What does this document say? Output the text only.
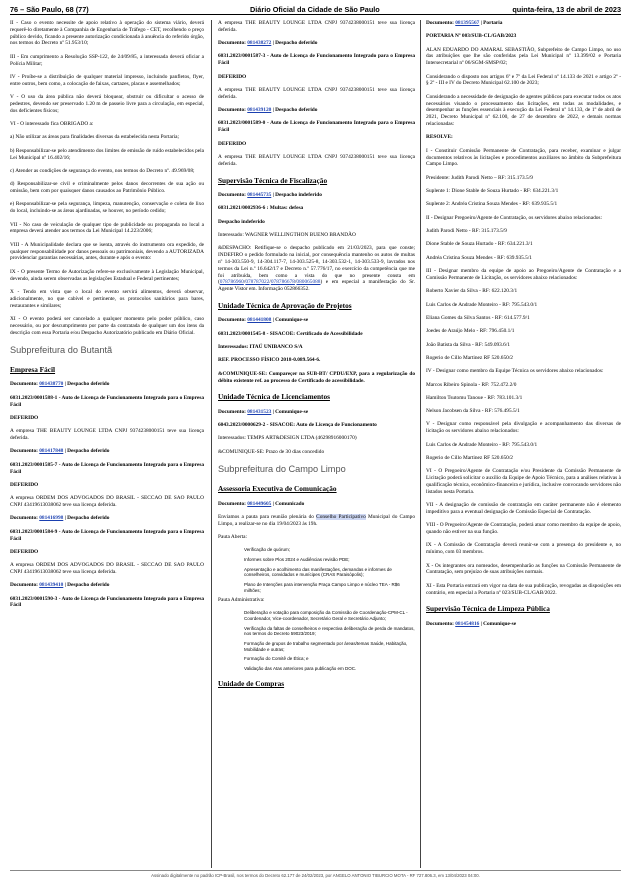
76 – São Paulo, 68 (77)	Diário Oficial da Cidade de São Paulo	quinta-feira, 13 de abril de 2023

II - Caso o evento necessite de apoio relativo à operação do sistema viário, deverá requerê-lo diretamente à Companhia de Engenharia de Tráfego - CET, recolhendo o preço público devido, ficando a presente autorização condicionada à anuência do referido órgão, nos termos do Decreto nº 51.953/10;

III - Em cumprimento a Resolução SSP-122, de 24/09/85, a interessada deverá oficiar a Polícia Militar;

IV - Proíbe-se a distribuição de qualquer material impresso, incluindo panfletos, flyer, entre outros, bem como, a colocação de faixas, cartazes, placas e assemelhados;

V - O uso da área pública não deverá bloquear, obstruir ou dificultar o acesso de pedestres, devendo ser preservado 1.20 m de passeio livre para a circulação, em especial, dos deficientes físicos;

VI - O interessado fica OBRIGADO a:

a) Não utilizar as áreas para finalidades diversas da estabelecida nesta Portaria;

b) Responsabilizar-se pelo atendimento dos limites de emissão de ruído estabelecidos pela Lei Municipal nº 16.402/16;

c) Atender as condições de segurança do evento, nos termos do Decreto nº. 49.969/08;

d) Responsabilizar-se civil e criminalmente pelos danos decorrentes de sua ação ou omissão, bem com por quaisquer danos causados ao Patrimônio Público.

e) Responsabilizar-se pela segurança, limpeza, manutenção, conservação e coleta de lixo do local, incluindo-se as áreas ajardinadas, se houver, no período cedido;

VII - No caso de veiculação de qualquer tipo de publicidade ou propaganda no local a empresa deverá atender aos termos da Lei Municipal 14.223/2006;

VIII - A Municipalidade declara que se isenta, através do instrumento ora expedido, de qualquer responsabilidade por danos pessoais ou patrimoniais, devendo a AUTORIZADA providenciar garantias necessárias, antes, durante e após o evento:

IX - O presente Termo de Autorização refere-se exclusivamente à Legislação Municipal, devendo, ainda serem observadas as legislações Estadual e Federal pertinentes;

X - Tendo em vista que o local do evento servirá alimentos, deverá observar, adicionalmente, no que cabível e pertinente, os protocolos sanitários para bares, restaurantes e similares;

XI - O evento poderá ser cancelado a qualquer momento pelo poder público, caso necessário, ou por descumprimento por parte da contratada de qualquer um dos itens da descrição com essa Portaria e/ou Despacho Autorizatório publicado em Diário Oficial.

Subprefeitura do Butantã
Empresa Fácil

Documento: 081438770 | Despacho deferido

6031.2023/0001588-1 - Auto de Licença de Funcionamento Integrado para o Empresa Fácil

DEFERIDO

A empresa THE BEAUTY LOUNGE LTDA CNPJ 9374238000151 teve sua licença deferida.

Documento: 081417848 | Despacho deferido

6031.2023/0001585-7 - Auto de Licença de Funcionamento Integrado para o Empresa Fácil

DEFERIDO

A empresa ORDEM DOS ADVOGADOS DO BRASIL - SECCAO DE SAO PAULO CNPJ 43419613038062 teve sua licença deferida.

Documento: 081416998 | Despacho deferido

6031.2023/0001584-9 - Auto de Licença de Funcionamento Integrado para o Empresa Fácil

DEFERIDO

A empresa ORDEM DOS ADVOGADOS DO BRASIL - SECCAO DE SAO PAULO CNPJ 43419613038062 teve sua licença deferida.

Documento: 081439410 | Despacho deferido

6031.2023/0001590-3 - Auto de Licença de Funcionamento Integrado para o Empresa Fácil

A empresa THE BEAUTY LOUNGE LTDA CNPJ 9374238000151 teve sua licença deferida.

Documento: 081438272 | Despacho deferido

6031.2023/0001587-3 - Auto de Licença de Funcionamento Integrado para o Empresa Fácil

DEFERIDO

A empresa THE BEAUTY LOUNGE LTDA CNPJ 9374238000151 teve sua licença deferida.

Documento: 081439120 | Despacho deferido

6031.2023/0001589-0 - Auto de Licença de Funcionamento Integrado para o Empresa Fácil

DEFERIDO

A empresa THE BEAUTY LOUNGE LTDA CNPJ 9374238000151 teve sua licença deferida.

Supervisão Técnica de Fiscalização

Documento: 081445735 | Despacho indeferido

6031.2021/0002936-6 : Multas: defesa

Despacho indeferido

Interessado: WAGNER WELLINGTHON BUENO BRANDÃO

&DESPACHO: Retifique-se o despacho publicado em 21/03/2023, para que conste; INDEFIRO o pedido formulado na inicial, por consequência mantenho os autos de multas nº 14-303.550-9, 14-304.117-7, 14-303.525-8, 14-303.532-1, 14-303.533-9, lavrados nos termos da Lei n.º 16.642/17 e Decreto n.º 57.776/17, no exercício da competência que me foi atribuída, bem como a vista do que no presente consta em (078786960/078787022/078786678/080065088) e em especial a manifestação do Sr. Agente Vistor em. Informação 052866352.

Unidade Técnica de Aprovação de Projetos

Documento: 081441808 | Comunique-se

6031.2023/0001545-8 - SISACOE: Certificado de Acessibilidade

Interessados: ITAÚ UNIBANCO S/A

REF. PROCESSO FÍSICO 2018-0.089.564-6.

&COMUNIQUE-SE: Compareçer na SUB-BT/ CPDU/EXP, para a regularização do débito existente ref. ao processo de Certificado de acessibilidade.

Unidade Técnica de Licenciamentos

Documento: 081431523 | Comunique-se

6043.2023/0000629-2 - SISACOE: Auto de Licença de Funcionamento

Interessados: TEMPS ART&DESIGN LTDA (46298916000170)

&COMUNIQUE-SE: Prazo de 30 dias concedido

Subprefeitura do Campo Limpo
Assessoria Executiva de Comunicação

Documento: 081449605 | Comunicado

Enviamos a pauta para reunião plenária do Conselho Participativo Municipal do Campo Limpo, a realizar-se no dia 19/04/2023 às 19h.

Pauta Aberta:

Verificação de quórum;
Informes sobre Plos 2024 e Audiências revisão PDE;
Apresentação e acolhimento das manifestações, demandas e informes de conselheiros, convidados e munícipes (CRAS Paraisópolis);
Plano de Intenções para intervenção Praça Campo Limpo e núcleo TEA - R$6 milhões;

Pauta Administrativa:

Deliberação e votação para composição da Comissão de Coordenação-CPM-CL - Coordenador, Vice-coordenador, Secretário Geral e Secretário Adjunto;
Verificação da faltas de conselheiros e respectiva deliberação de perda de mandatos, nos termos do Decreto 59023/2019;
Formação de grupos de trabalho segmentado por áreas/temas Saúde, Habitação, Mobilidade e outras;
Formação do Comitê de Ética; e
Validação das Atas anteriores para publicação em DOC.
Unidade de Compras

Documento: 081395567 | Portaria

PORTARIA Nº 003/SUB-CL/GAB/2023

ALAN EDUARDO DO AMARAL SEBASTIÃO, Subprefeito de Campo Limpo, no uso das atribuições que lhe são conferidas pela Lei Municipal nº 13.399/02 e Portaria Intersecretarial nº 06/SGM-SMSP/02;

Considerando o disposto nos artigos 6º e 7º da Lei Federal nº 14.133 de 2021 e artigo 2º - § 2º - III e IV do Decreto Municipal 62.100 de 2023;

Considerando a necessidade de designação de agentes públicos para executar todos os atos necessários visando o processamento das licitações, em todas as modalidades, e desempenhar as funções essenciais à execução da Lei Federal nº 14.133, de 1º de abril de 2021, Decreto Municipal nº 62.100, de 27 de dezembro de 2022, e demais normas relacionadas:

RESOLVE:

I - Constituir Comissão Permanente de Contratação, para receber, examinar e julgar documentos relativos às licitações e procedimentos auxiliares no âmbito da Subprefeitura Campo Limpo.

Presidente: Judith Parodi Netto – RF: 315.173.5/9

Suplente 1: Dione Stable de Souza Hurtado - RF: 634.221.3/1

Suplente 2: Andréa Cristina Souza Mendes - RF: 639.935.5/1

II - Designar Pregoeiro/Agente de Contratação, os servidores abaixo relacionados:

Judith Parodi Netto - RF: 315.173.5/9

Dione Stable de Souza Hurtado - RF: 634.221.3/1

Andréa Cristina Souza Mendes - RF: 639.935.5/1

III - Designar membro da equipe de apoio ao Pregoeiro/Agente de Contratação e a Comissão Permanente de Licitação, os servidores abaixo relacionados:

Roberto Xavier da Silva - RF: 622.120.3/1

Luis Carlos de Andrade Monteiro - RF: 795.543.0/1

Eliana Gomes da Silva Santos - RF: 614.577.9/1

Joedes de Araújo Melo - RF: 796.450.1/1

João Batista da Silva - RF: 549.093.6/1

Rogerio de Cillo Martinez RF 520.650/2

IV - Designar como membro da Equipe Técnica os servidores abaixo relacionados:

Marcos Ribeiro Spinola - RF: 752.472.2/0

Hamilton Tsutomu Tanoue - RF: 783.101.3/1

Nelson Jacobsen da Silva - RF: 576.495.5/1

V - Designar como responsável pela divulgação e acompanhamento das diversas de licitação os servidores abaixo relacionados:

Luis Carlos de Andrade Monteiro - RF: 795.543.0/1

Rogerio de Cillo Martinez RF 520.650/2

VI - O Pregoeiro/Agente de Contratação e/ou Presidente da Comissão Permanente de Licitação poderá solicitar o auxílio da Equipe de Apoio Técnico, para a análises relativas à qualificação técnica, econômico-financeira e jurídica, inclusive convocando servidores não listados nesta Portaria.

VII - A designação de comissão de contratação em caráter permanente não é elemento impeditivo para a eventual designação de Comissão Especial de Contratação.

VIII - O Pregoeiro/Agente de Contratação, poderá atuar como membro da equipe de apoio, quando não estiver na sua função.

IX - A Comissão de Contratação deverá reunir-se com a presença do presidente e, no mínimo, com 03 membros.

X - Os integrantes ora nomeados, desempenharão as funções na Comissão Permanente de Contratação, sem prejuízo de suas atribuições normais.

XI - Esta Portaria entrará em vigor na data de sua publicação, revogadas as disposições em contrário, em especial a Portaria nº 023/SUB-CL/GAB/2022.

Supervisão Técnica de Limpeza Pública

Documento: 081454816 | Comunique-se

Assinado digitalmente no padrão ICP-Brasil, nos termos do Decreto 62.177 de 24/02/2023, por ANGELO ANTONIO TIBURCIO MOTA - RF 727.806.3, em 13/04/2023 04:00.
